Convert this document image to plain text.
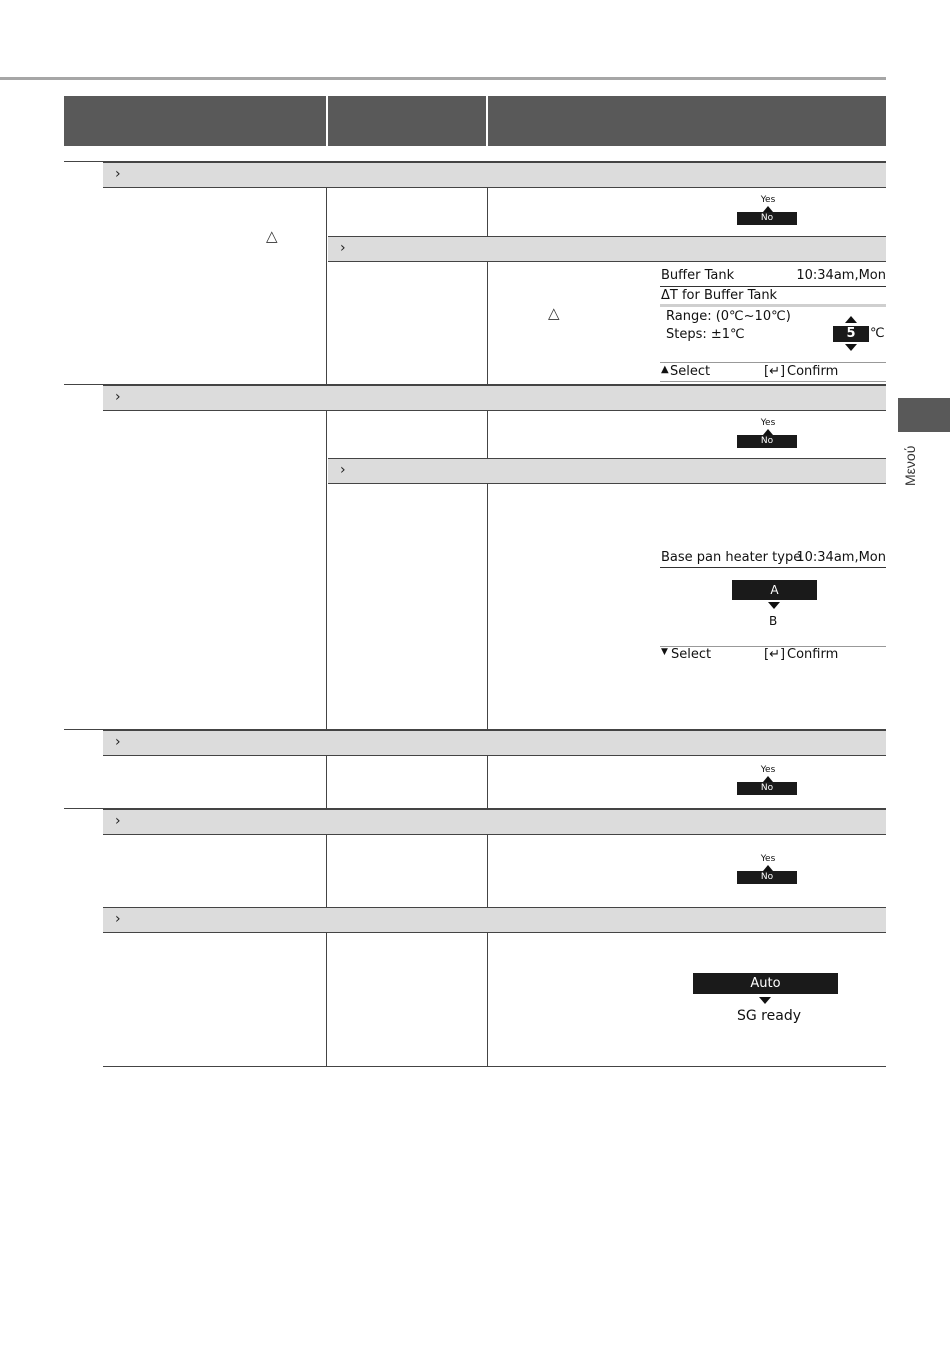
›
△
Yes
No
›
△
Buffer Tank	10:34am,Mon
ΔT for Buffer Tank
Range: (0℃~10℃)
Steps: ±1℃	5	℃
▲ Select	[↵] Confirm
›
Yes
No
›
Base pan heater type
10:34am,Mon
A
B
▼ Select	[↵] Confirm
›
Yes
No
›
Yes
No
›
Auto
SG ready
Μενού
